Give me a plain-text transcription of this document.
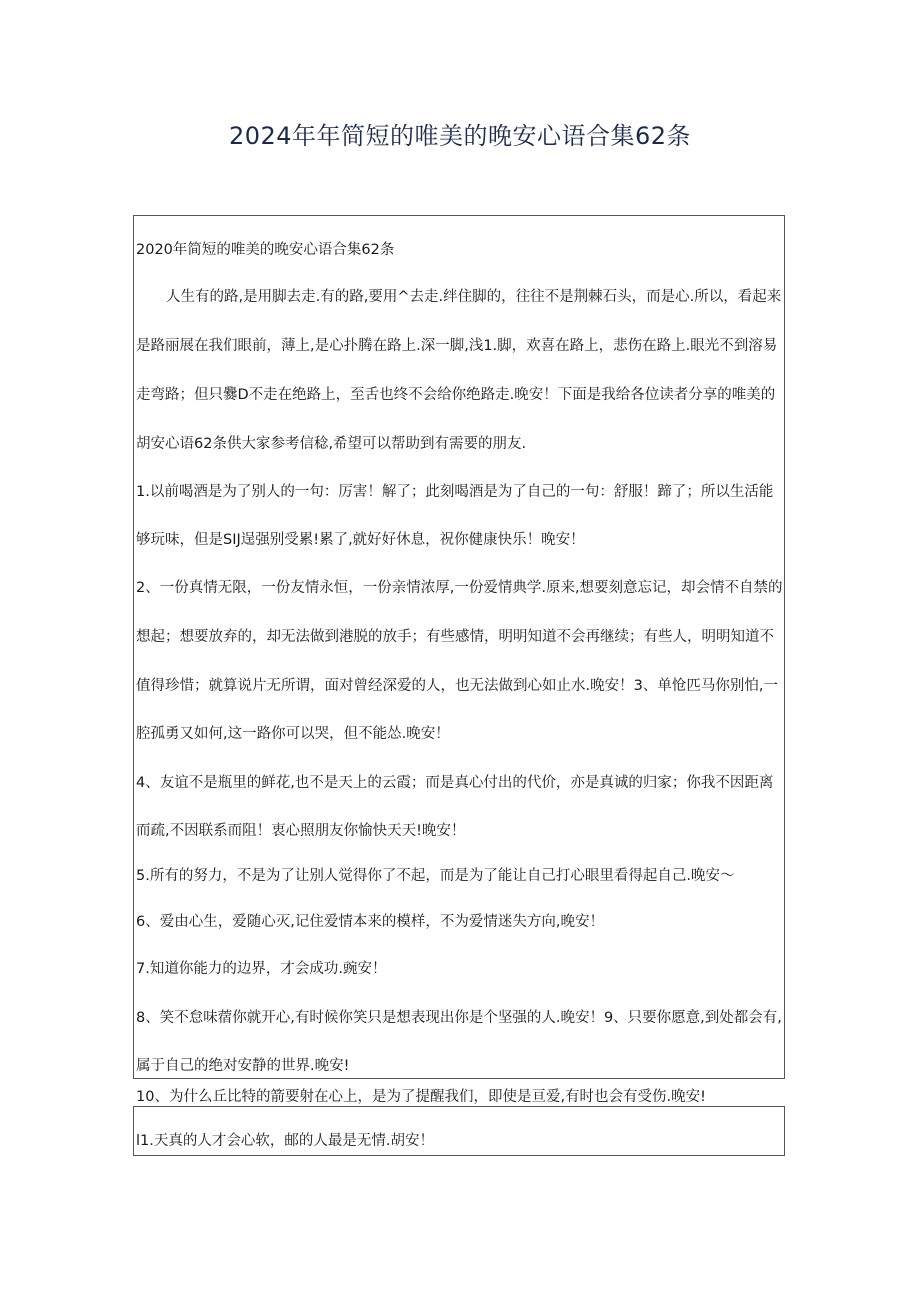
2024年年简短的唯美的晚安心语合集62条
2020年简短的唯美的晚安心语合集62条
人生有的路,是用脚去走.有的路,要用^去走.绊住脚的，往往不是荆棘石头，而是心.所以，看起来
是路丽展在我们眼前，薄上,是心扑腾在路上.深一脚,浅1.脚，欢喜在路上，悲伤在路上.眼光不到溶易
走弯路；但只爨D不走在绝路上，至舌也终不会给你绝路走.晚安！下面是我给各位读者分享的唯美的
胡安心语62条供大家参考信稔,希望可以帮助到有需要的朋友.
1.以前喝酒是为了别人的一句：厉害！解了；此刻喝酒是为了自己的一句：舒服！蹄了；所以生活能
够玩味，但是SIJ逞强别受累!累了,就好好休息，祝你健康快乐！晚安！
2、一份真情无限，一份友情永恒，一份亲情浓厚,一份爱情典学.原来,想要刻意忘记，却会情不自禁的
想起；想要放弃的，却无法做到港脱的放手；有些感情，明明知道不会再继续；有些人，明明知道不
值得珍惜；就算说片无所谓，面对曾经深爱的人，也无法做到心如止水.晚安！3、单怆匹马你别怕,一
腔孤勇又如何,这一路你可以哭，但不能怂.晚安！
4、友谊不是瓶里的鲜花,也不是天上的云霞；而是真心付出的代价，亦是真诚的归家；你我不因距离
而疏,不因联系而阻！衷心照朋友你愉快天天!晚安！
5.所有的努力，不是为了让别人觉得你了不起，而是为了能让自己打心眼里看得起自己.晚安〜
6、爱由心生，爱随心灭,记住爱情本来的模样，不为爱情迷失方向,晚安！
7.知道你能力的边界，才会成功.豌安！
8、笑不怠味蓿你就开心,有时候你笑只是想表现出你是个坚强的人.晚安！9、只要你愿意,到处都会有,
属于自己的绝对安静的世界.晚安!
10、为什么丘比特的箭要射在心上，是为了提醒我们，即使是亘爱,有时也会有受伤.晚安!
l1.天真的人才会心软，邮的人最是无情.胡安！
